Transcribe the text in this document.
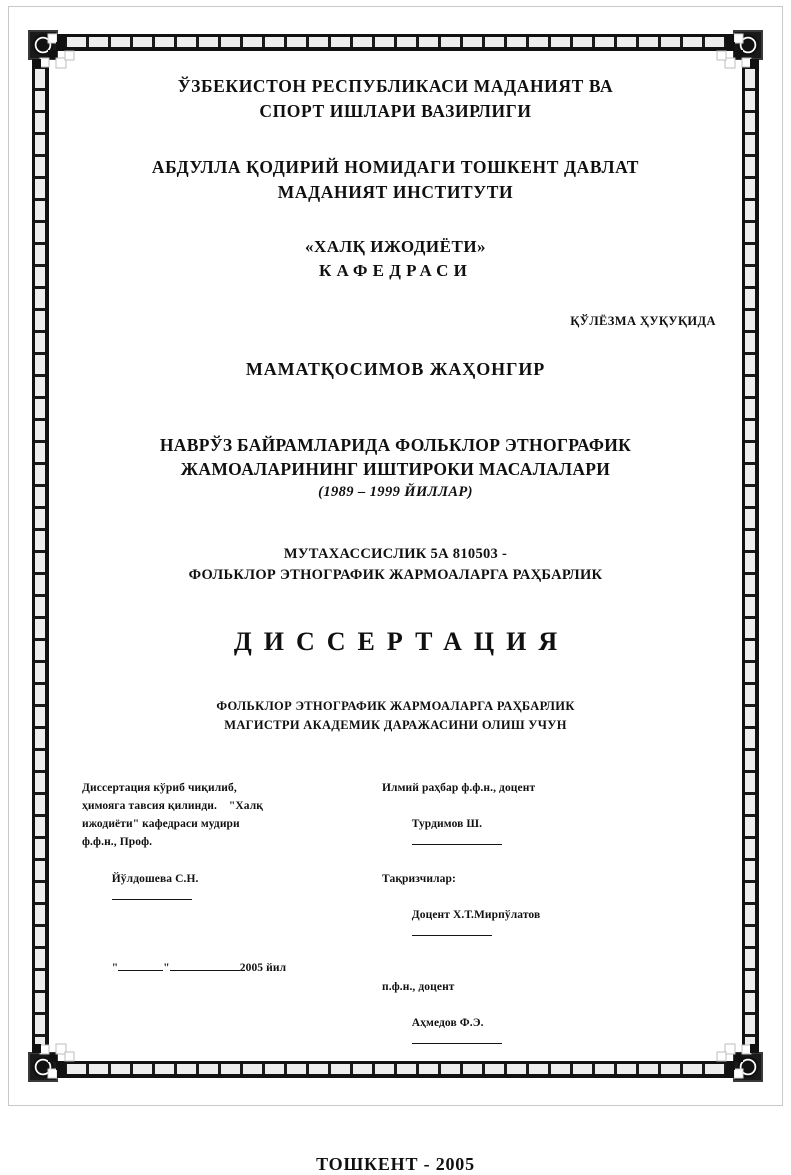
ЎЗБЕКИСТОН РЕСПУБЛИКАСИ МАДАНИЯТ ВА
СПОРТ ИШЛАРИ ВАЗИРЛИГИ
АБДУЛЛА ҚОДИРИЙ НОМИДАГИ ТОШКЕНТ ДАВЛАТ
МАДАНИЯТ ИНСТИТУТИ
«ХАЛҚ ИЖОДИЁТИ»
КАФЕДРАСИ
ҚЎЛЁЗМА ҲУҚУҚИДА
МАМАТҚОСИМОВ ЖАҲОНГИР
НАВРЎЗ БАЙРАМЛАРИДА ФОЛЬКЛОР ЭТНОГРАФИК
ЖАМОАЛАРИНИНГ ИШТИРОКИ МАСАЛАЛАРИ
(1989 – 1999 ЙИЛЛАР)
МУТАХАССИСЛИК 5А 810503 -
ФОЛЬКЛОР ЭТНОГРАФИК ЖАРМОАЛАРГА РАҲБАРЛИК
ДИССЕРТАЦИЯ
ФОЛЬКЛОР ЭТНОГРАФИК ЖАРМОАЛАРГА РАҲБАРЛИК
МАГИСТРИ АКАДЕМИК ДАРАЖАСИНИ ОЛИШ УЧУН
Диссертация кўриб чиқилиб,
ҳимояга тавсия қилинди.    "Халқ
ижодиёти" кафедраси мудири
ф.ф.н., Проф.

Йўлдошева С.Н.

"	"	2005 йил

Илмий раҳбар ф.ф.н., доцент

Турдимов Ш.

Тақризчилар:

Доцент Х.Т.Мирпўлатов

п.ф.н., доцент

Аҳмедов Ф.Э.

ТОШКЕНТ - 2005
